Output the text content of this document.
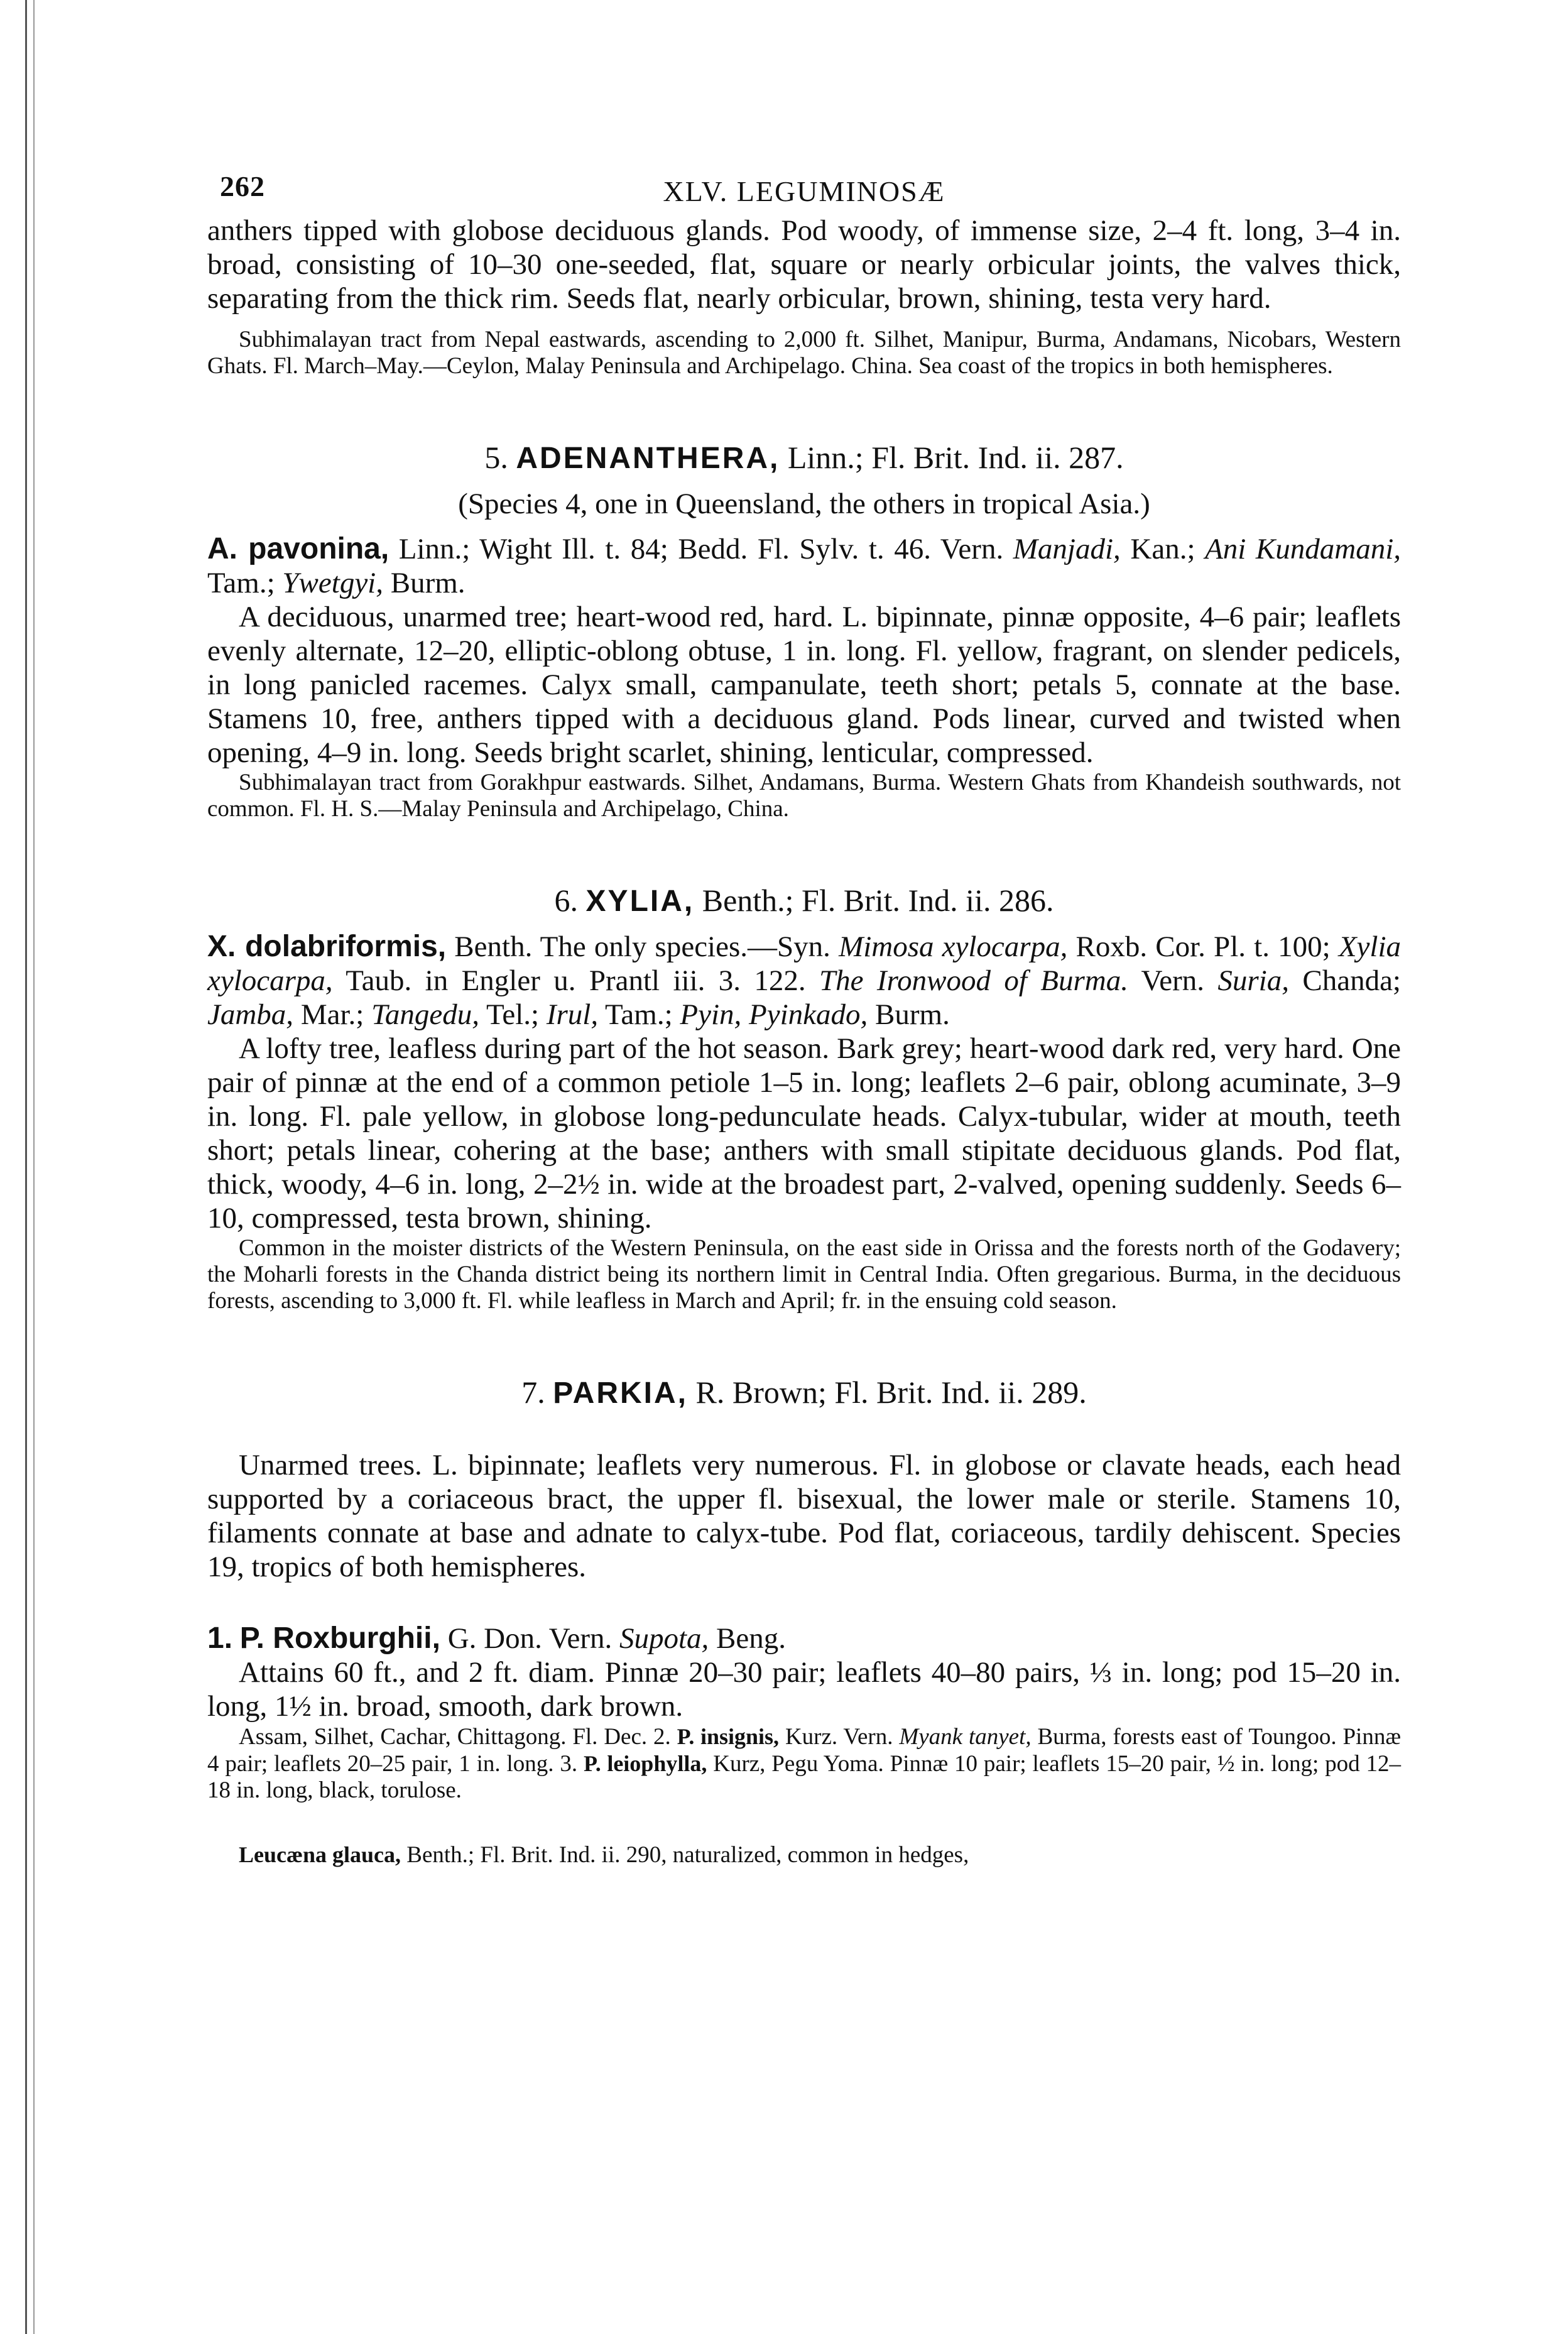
262	XLV. LEGUMINOSÆ

anthers tipped with globose deciduous glands. Pod woody, of immense size, 2–4 ft. long, 3–4 in. broad, consisting of 10–30 one-seeded, flat, square or nearly orbicular joints, the valves thick, separating from the thick rim. Seeds flat, nearly orbicular, brown, shining, testa very hard.

Subhimalayan tract from Nepal eastwards, ascending to 2,000 ft. Silhet, Manipur, Burma, Andamans, Nicobars, Western Ghats. Fl. March–May.—Ceylon, Malay Peninsula and Archipelago. China. Sea coast of the tropics in both hemispheres.

5. ADENANTHERA, Linn.; Fl. Brit. Ind. ii. 287.

(Species 4, one in Queensland, the others in tropical Asia.)

A. pavonina, Linn.; Wight Ill. t. 84; Bedd. Fl. Sylv. t. 46. Vern. Manjadi, Kan.; Ani Kundamani, Tam.; Ywetgyi, Burm.

A deciduous, unarmed tree; heart-wood red, hard. L. bipinnate, pinnæ opposite, 4–6 pair; leaflets evenly alternate, 12–20, elliptic-oblong obtuse, 1 in. long. Fl. yellow, fragrant, on slender pedicels, in long panicled racemes. Calyx small, campanulate, teeth short; petals 5, connate at the base. Stamens 10, free, anthers tipped with a deciduous gland. Pods linear, curved and twisted when opening, 4–9 in. long. Seeds bright scarlet, shining, lenticular, compressed.

Subhimalayan tract from Gorakhpur eastwards. Silhet, Andamans, Burma. Western Ghats from Khandeish southwards, not common. Fl. H. S.—Malay Peninsula and Archipelago, China.

6. XYLIA, Benth.; Fl. Brit. Ind. ii. 286.

X. dolabriformis, Benth. The only species.—Syn. Mimosa xylocarpa, Roxb. Cor. Pl. t. 100; Xylia xylocarpa, Taub. in Engler u. Prantl iii. 3. 122. The Ironwood of Burma. Vern. Suria, Chanda; Jamba, Mar.; Tangedu, Tel.; Irul, Tam.; Pyin, Pyinkado, Burm.

A lofty tree, leafless during part of the hot season. Bark grey; heart-wood dark red, very hard. One pair of pinnæ at the end of a common petiole 1–5 in. long; leaflets 2–6 pair, oblong acuminate, 3–9 in. long. Fl. pale yellow, in globose long-pedunculate heads. Calyx-tubular, wider at mouth, teeth short; petals linear, cohering at the base; anthers with small stipitate deciduous glands. Pod flat, thick, woody, 4–6 in. long, 2–2½ in. wide at the broadest part, 2-valved, opening suddenly. Seeds 6–10, compressed, testa brown, shining.

Common in the moister districts of the Western Peninsula, on the east side in Orissa and the forests north of the Godavery; the Moharli forests in the Chanda district being its northern limit in Central India. Often gregarious. Burma, in the deciduous forests, ascending to 3,000 ft. Fl. while leafless in March and April; fr. in the ensuing cold season.

7. PARKIA, R. Brown; Fl. Brit. Ind. ii. 289.

Unarmed trees. L. bipinnate; leaflets very numerous. Fl. in globose or clavate heads, each head supported by a coriaceous bract, the upper fl. bisexual, the lower male or sterile. Stamens 10, filaments connate at base and adnate to calyx-tube. Pod flat, coriaceous, tardily dehiscent. Species 19, tropics of both hemispheres.

1. P. Roxburghii, G. Don. Vern. Supota, Beng.

Attains 60 ft., and 2 ft. diam. Pinnæ 20–30 pair; leaflets 40–80 pairs, ⅓ in. long; pod 15–20 in. long, 1½ in. broad, smooth, dark brown.

Assam, Silhet, Cachar, Chittagong. Fl. Dec. 2. P. insignis, Kurz. Vern. Myank tanyet, Burma, forests east of Toungoo. Pinnæ 4 pair; leaflets 20–25 pair, 1 in. long. 3. P. leiophylla, Kurz, Pegu Yoma. Pinnæ 10 pair; leaflets 15–20 pair, ½ in. long; pod 12–18 in. long, black, torulose.

Leucæna glauca, Benth.; Fl. Brit. Ind. ii. 290, naturalized, common in hedges,
